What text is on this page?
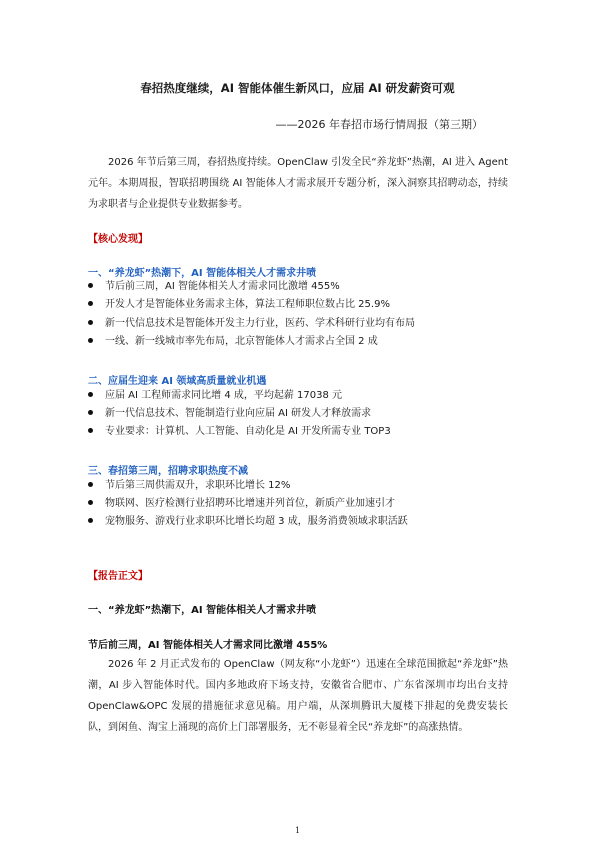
春招热度继续，AI 智能体催生新风口，应届 AI 研发薪资可观
——2026 年春招市场行情周报（第三期）
2026 年节后第三周，春招热度持续。OpenClaw 引发全民“养龙虾”热潮，AI 进入 Agent 元年。本期周报，智联招聘围绕 AI 智能体人才需求展开专题分析，深入洞察其招聘动态，持续为求职者与企业提供专业数据参考。
【核心发现】
一、“养龙虾”热潮下，AI 智能体相关人才需求井喷
节后前三周，AI 智能体相关人才需求同比激增 455%
开发人才是智能体业务需求主体，算法工程师职位数占比 25.9%
新一代信息技术是智能体开发主力行业，医药、学术科研行业均有布局
一线、新一线城市率先布局，北京智能体人才需求占全国 2 成
二、应届生迎来 AI 领域高质量就业机遇
应届 AI 工程师需求同比增 4 成，平均起薪 17038 元
新一代信息技术、智能制造行业向应届 AI 研发人才释放需求
专业要求：计算机、人工智能、自动化是 AI 开发所需专业 TOP3
三、春招第三周，招聘求职热度不减
节后第三周供需双升，求职环比增长 12%
物联网、医疗检测行业招聘环比增速并列首位，新质产业加速引才
宠物服务、游戏行业求职环比增长均超 3 成，服务消费领域求职活跃
【报告正文】
一、“养龙虾”热潮下，AI 智能体相关人才需求井喷
节后前三周，AI 智能体相关人才需求同比激增 455%
2026 年 2 月正式发布的 OpenClaw（网友称“小龙虾”）迅速在全球范围掀起“养龙虾”热潮，AI 步入智能体时代。国内多地政府下场支持，安徽省合肥市、广东省深圳市均出台支持 OpenClaw&OPC 发展的措施征求意见稿。用户端，从深圳腾讯大厦楼下排起的免费安装长队，到闲鱼、淘宝上涌现的高价上门部署服务，无不彰显着全民“养龙虾”的高涨热情。
1
